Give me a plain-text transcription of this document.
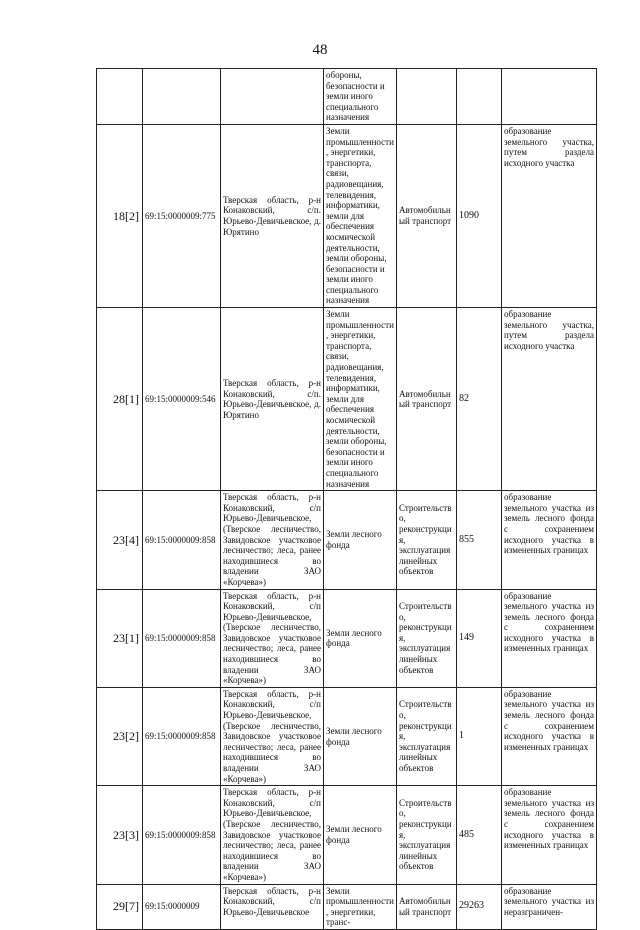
48

			обороны, безопасности и
земли иного специального
назначения			

18[2]	69:15:0000009:775	Тверская область, р-н Конаковский, с/п. Юрьево-Девичьевское, д. Юрятино	Земли промышленности, энергетики, транспорта, связи, радиовещания, телевидения, информатики, земли для обеспечения космической деятельности, земли обороны, безопасности и земли иного специального назначения	Автомобильный транспорт	1090	образование земельного участка, путем раздела исходного участка
28[1]	69:15:0000009:546	Тверская область, р-н Конаковский, с/п. Юрьево-Девичьевское, д. Юрятино	Земли промышленности, энергетики, транспорта, связи, радиовещания, телевидения, информатики, земли для обеспечения космической деятельности, земли обороны, безопасности и земли иного специального назначения	Автомобильный транспорт	82	образование земельного участка, путем раздела исходного участка
23[4]	69:15:0000009:858	Тверская область, р-н Конаковский, с/п Юрьево-Девичьевское, (Тверское лесничество, Завидовское участковое лесничество; леса, ранее находившиеся во владении ЗАО «Корчева»)	Земли лесного фонда	Строительство, реконструкция, эксплуатация линейных объектов	855	образование земельного участка из земель лесного фонда с сохранением исходного участка в измененных границах
23[1]	69:15:0000009:858	Тверская область, р-н Конаковский, с/п Юрьево-Девичьевское, (Тверское лесничество, Завидовское участковое лесничество; леса, ранее находившиеся во владении ЗАО «Корчева»)	Земли лесного фонда	Строительство, реконструкция, эксплуатация линейных объектов	149	образование земельного участка из земель лесного фонда с сохранением исходного участка в измененных границах
23[2]	69:15:0000009:858	Тверская область, р-н Конаковский, с/п Юрьево-Девичьевское, (Тверское лесничество, Завидовское участковое лесничество; леса, ранее находившиеся во владении ЗАО «Корчева»)	Земли лесного фонда	Строительство, реконструкция, эксплуатация линейных объектов	1	образование земельного участка из земель лесного фонда с сохранением исходного участка в измененных границах
23[3]	69:15:0000009:858	Тверская область, р-н Конаковский, с/п Юрьево-Девичьевское, (Тверское лесничество, Завидовское участковое лесничество; леса, ранее находившиеся во владении ЗАО «Корчева»)	Земли лесного фонда	Строительство, реконструкция, эксплуатация линейных объектов	485	образование земельного участка из земель лесного фонда с сохранением исходного участка в измененных границах
29[7]	69:15:0000009	Тверская область, р-н Конаковский, с/п Юрьево-Девичьевское	Земли промышленности, энергетики, транс-	Автомобильный транспорт	29263	образование земельного участка из неразграничен-
